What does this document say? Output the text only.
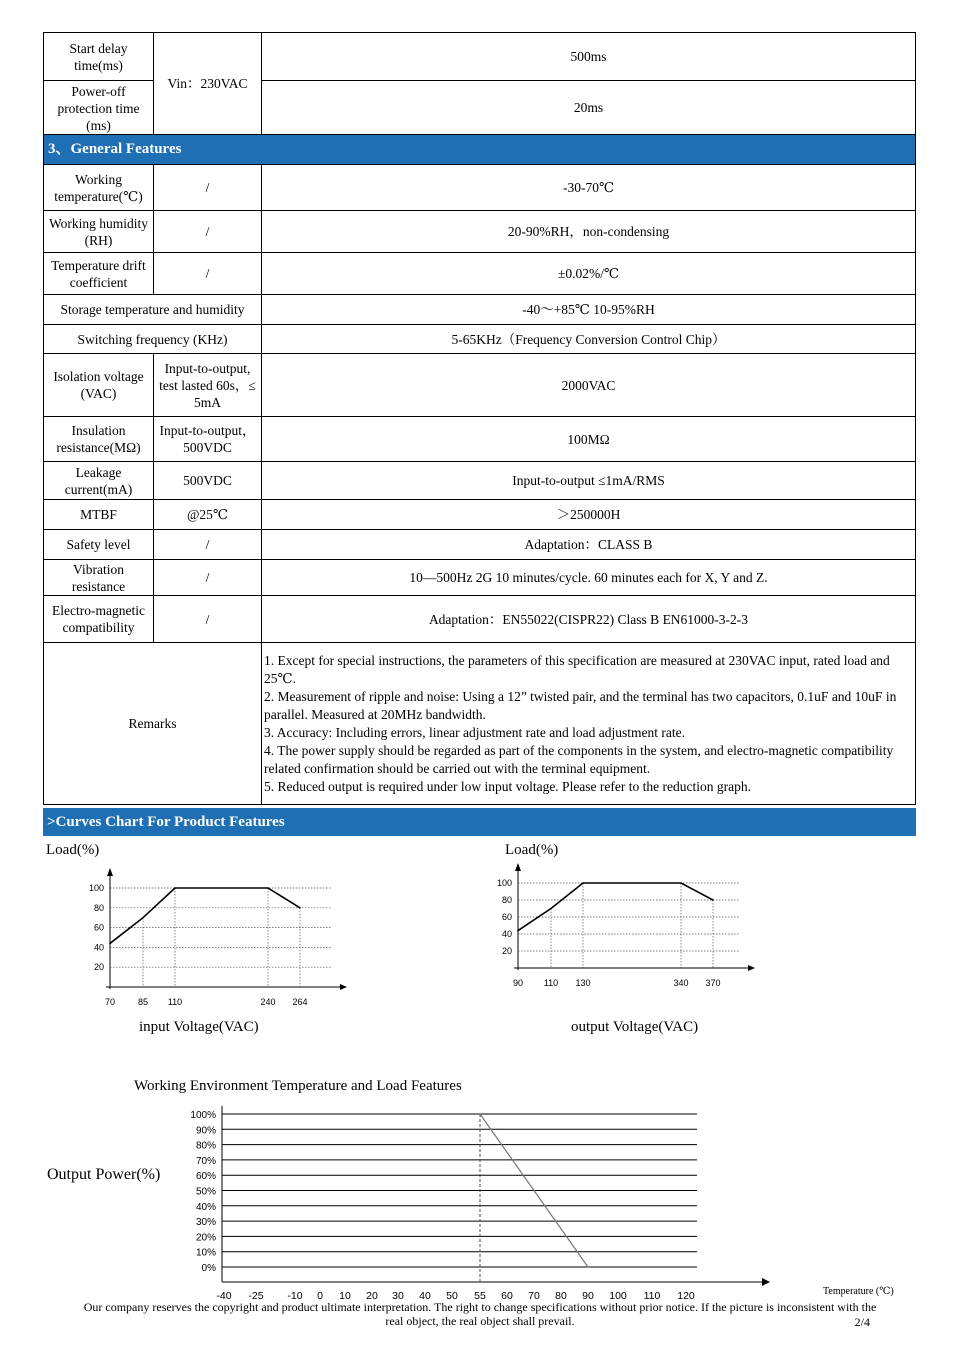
Start delay time(ms)	Vin：230VAC	500ms
Power-off protection time (ms)		20ms
3、General Features		
Working temperature(℃)	/	-30-70℃
Working humidity (RH)	/	20-90%RH，non-condensing
Temperature drift coefficient	/	±0.02%/℃
Storage temperature and humidity		-40～+85℃ 10-95%RH
Switching frequency (KHz)		5-65KHz（Frequency Conversion Control Chip）
Isolation voltage (VAC)	Input-to-output, test lasted 60s，≤ 5mA	2000VAC
Insulation resistance(MΩ)	Input-to-output，500VDC	100MΩ
Leakage current(mA)	500VDC	Input-to-output ≤1mA/RMS
MTBF	@25℃	＞250000H
Safety level	/	Adaptation：CLASS B
Vibration resistance	/	10—500Hz 2G 10 minutes/cycle. 60 minutes each for X, Y and Z.
Electro-magnetic compatibility	/	Adaptation：EN55022(CISPR22) Class B EN61000-3-2-3
Remarks		1. Except for special instructions, the parameters of this specification are measured at 230VAC input, rated load and 25℃.
2. Measurement of ripple and noise: Using a 12” twisted pair, and the terminal has two capacitors, 0.1uF and 10uF in parallel. Measured at 20MHz bandwidth.
3. Accuracy: Including errors, linear adjustment rate and load adjustment rate.
4. The power supply should be regarded as part of the components in the system, and electro-magnetic compatibility related confirmation should be carried out with the terminal equipment.
5. Reduced output is required under low input voltage. Please refer to the reduction graph.
>Curves Chart For Product Features
Load(%)
input Voltage(VAC)
Load(%)
output Voltage(VAC)
Working Environment Temperature and Load Features
Output Power(%)
Temperature (℃)
100
80
60
40
20
70	85 110	240 264
100
80
60
40
20
90 110 130	340 370
100%
90%
80%
70%
60%
50%
40%
30%
20%
10%
0%
-40 -25 -10 0 10 20 30 40 50 55 60 70 80 90 100 110 120
Our company reserves the copyright and product ultimate interpretation. The right to change specifications without prior notice. If the picture is inconsistent with the
real object, the real object shall prevail.	2/4
